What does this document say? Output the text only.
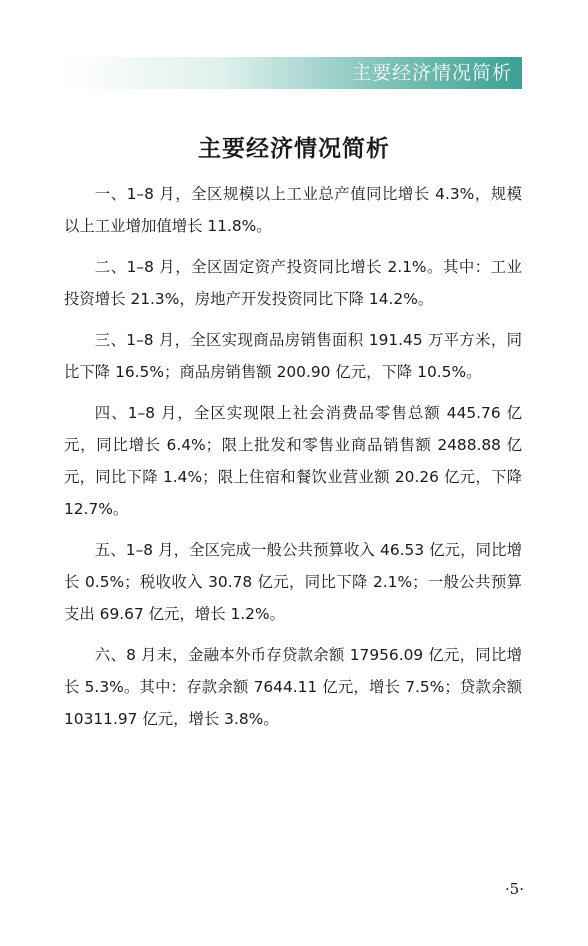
主要经济情况简析
主要经济情况简析

一、1–8 月，全区规模以上工业总产值同比增长 4.3%，规模以上工业增加值增长 11.8%。

二、1–8 月，全区固定资产投资同比增长 2.1%。其中：工业投资增长 21.3%，房地产开发投资同比下降 14.2%。

三、1–8 月，全区实现商品房销售面积 191.45 万平方米，同比下降 16.5%；商品房销售额 200.90 亿元，下降 10.5%。

四、1–8 月，全区实现限上社会消费品零售总额 445.76 亿元，同比增长 6.4%；限上批发和零售业商品销售额 2488.88 亿元，同比下降 1.4%；限上住宿和餐饮业营业额 20.26 亿元，下降 12.7%。

五、1–8 月，全区完成一般公共预算收入 46.53 亿元，同比增长 0.5%；税收收入 30.78 亿元，同比下降 2.1%；一般公共预算支出 69.67 亿元，增长 1.2%。

六、8 月末，金融本外币存贷款余额 17956.09 亿元，同比增长 5.3%。其中：存款余额 7644.11 亿元，增长 7.5%；贷款余额 10311.97 亿元，增长 3.8%。

·5·
